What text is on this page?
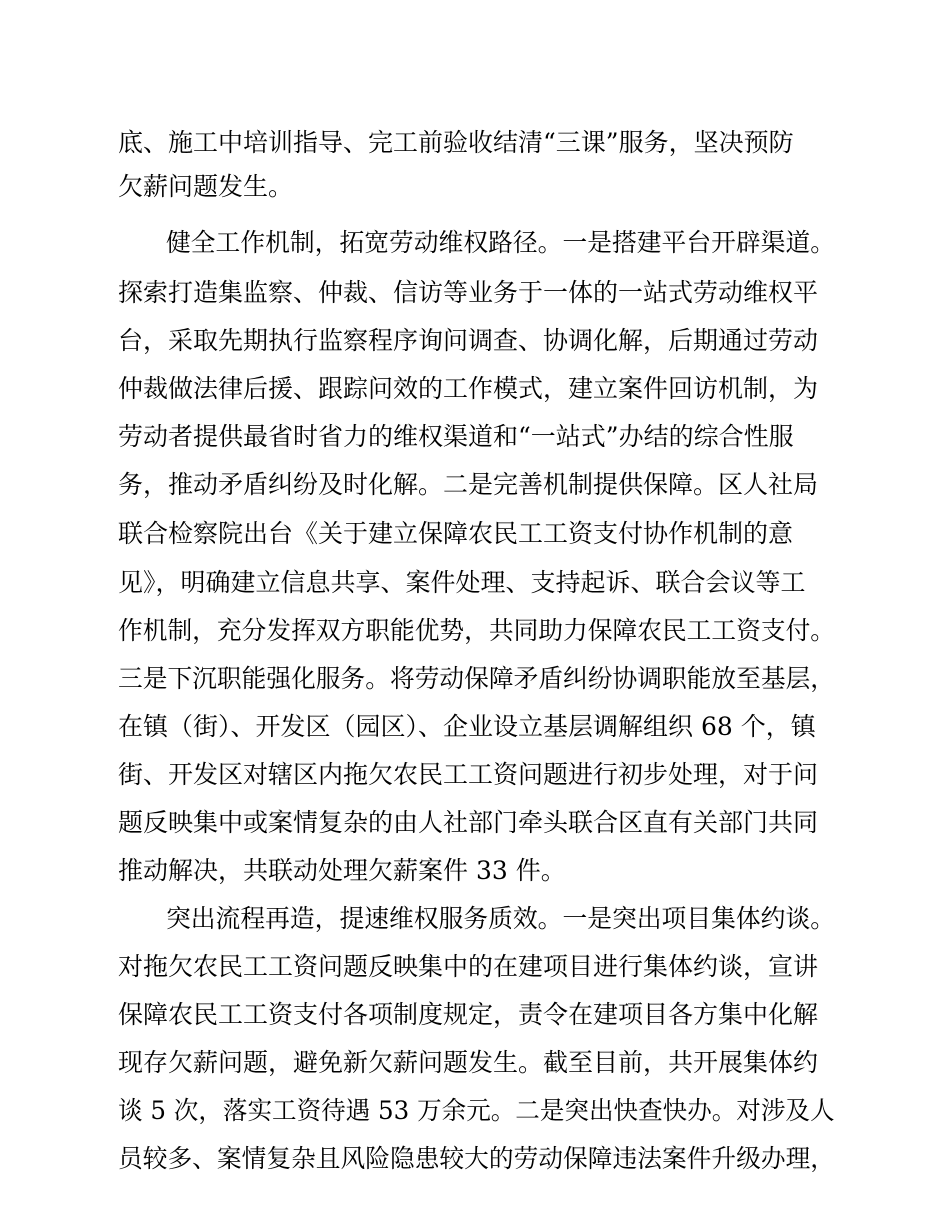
底、施工中培训指导、完工前验收结清“三课”服务，坚决预防
欠薪问题发生。
健全工作机制，拓宽劳动维权路径。一是搭建平台开辟渠道。
探索打造集监察、仲裁、信访等业务于一体的一站式劳动维权平
台，采取先期执行监察程序询问调查、协调化解，后期通过劳动
仲裁做法律后援、跟踪问效的工作模式，建立案件回访机制，为
劳动者提供最省时省力的维权渠道和“一站式”办结的综合性服
务，推动矛盾纠纷及时化解。二是完善机制提供保障。区人社局
联合检察院出台《关于建立保障农民工工资支付协作机制的意
见》，明确建立信息共享、案件处理、支持起诉、联合会议等工
作机制，充分发挥双方职能优势，共同助力保障农民工工资支付。
三是下沉职能强化服务。将劳动保障矛盾纠纷协调职能放至基层，
在镇（街）、开发区（园区）、企业设立基层调解组织 68 个，镇
街、开发区对辖区内拖欠农民工工资问题进行初步处理，对于问
题反映集中或案情复杂的由人社部门牵头联合区直有关部门共同
推动解决，共联动处理欠薪案件 33 件。
突出流程再造，提速维权服务质效。一是突出项目集体约谈。
对拖欠农民工工资问题反映集中的在建项目进行集体约谈，宣讲
保障农民工工资支付各项制度规定，责令在建项目各方集中化解
现存欠薪问题，避免新欠薪问题发生。截至目前，共开展集体约
谈 5 次，落实工资待遇 53 万余元。二是突出快查快办。对涉及人
员较多、案情复杂且风险隐患较大的劳动保障违法案件升级办理，
